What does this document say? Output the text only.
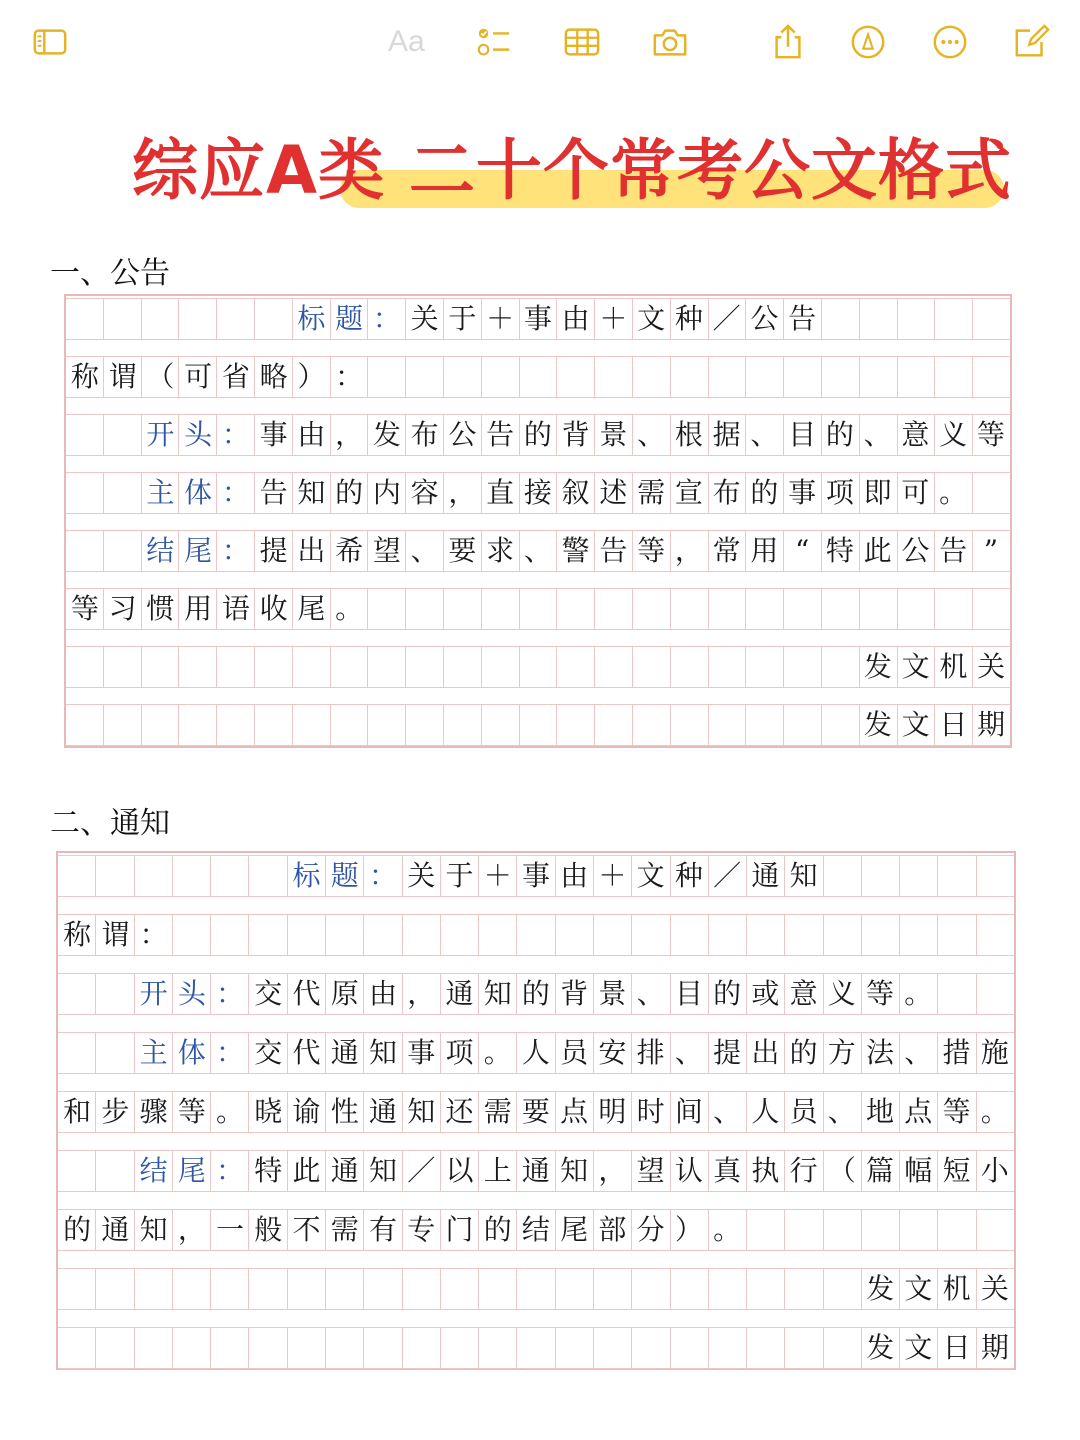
Aa
综应A类 二十个常考公文格式
一、公告
标 题 ： 关 于 ＋ 事 由 ＋ 文 种 ／ 公 告
称 谓 （ 可 省 略 ） ：
开 头 ： 事 由 ， 发 布 公 告 的 背 景 、 根 据 、 目 的 、 意 义 等
主 体 ： 告 知 的 内 容 ， 直 接 叙 述 需 宣 布 的 事 项 即 可 。
结 尾 ： 提 出 希 望 、 要 求 、 警 告 等 ， 常 用 “ 特 此 公 告 ”
等 习 惯 用 语 收 尾 。
发 文 机 关
发 文 日 期
二、通知
标 题 ： 关 于 ＋ 事 由 ＋ 文 种 ／ 通 知
称 谓 ：
开 头 ： 交 代 原 由 ， 通 知 的 背 景 、 目 的 或 意 义 等 。
主 体 ： 交 代 通 知 事 项 。 人 员 安 排 、 提 出 的 方 法 、 措 施
和 步 骤 等 。 晓 谕 性 通 知 还 需 要 点 明 时 间 、 人 员 、 地 点 等 。
结 尾 ： 特 此 通 知 ／ 以 上 通 知 ， 望 认 真 执 行 （ 篇 幅 短 小
的 通 知 ， 一 般 不 需 有 专 门 的 结 尾 部 分 ） 。
发 文 机 关
发 文 日 期
